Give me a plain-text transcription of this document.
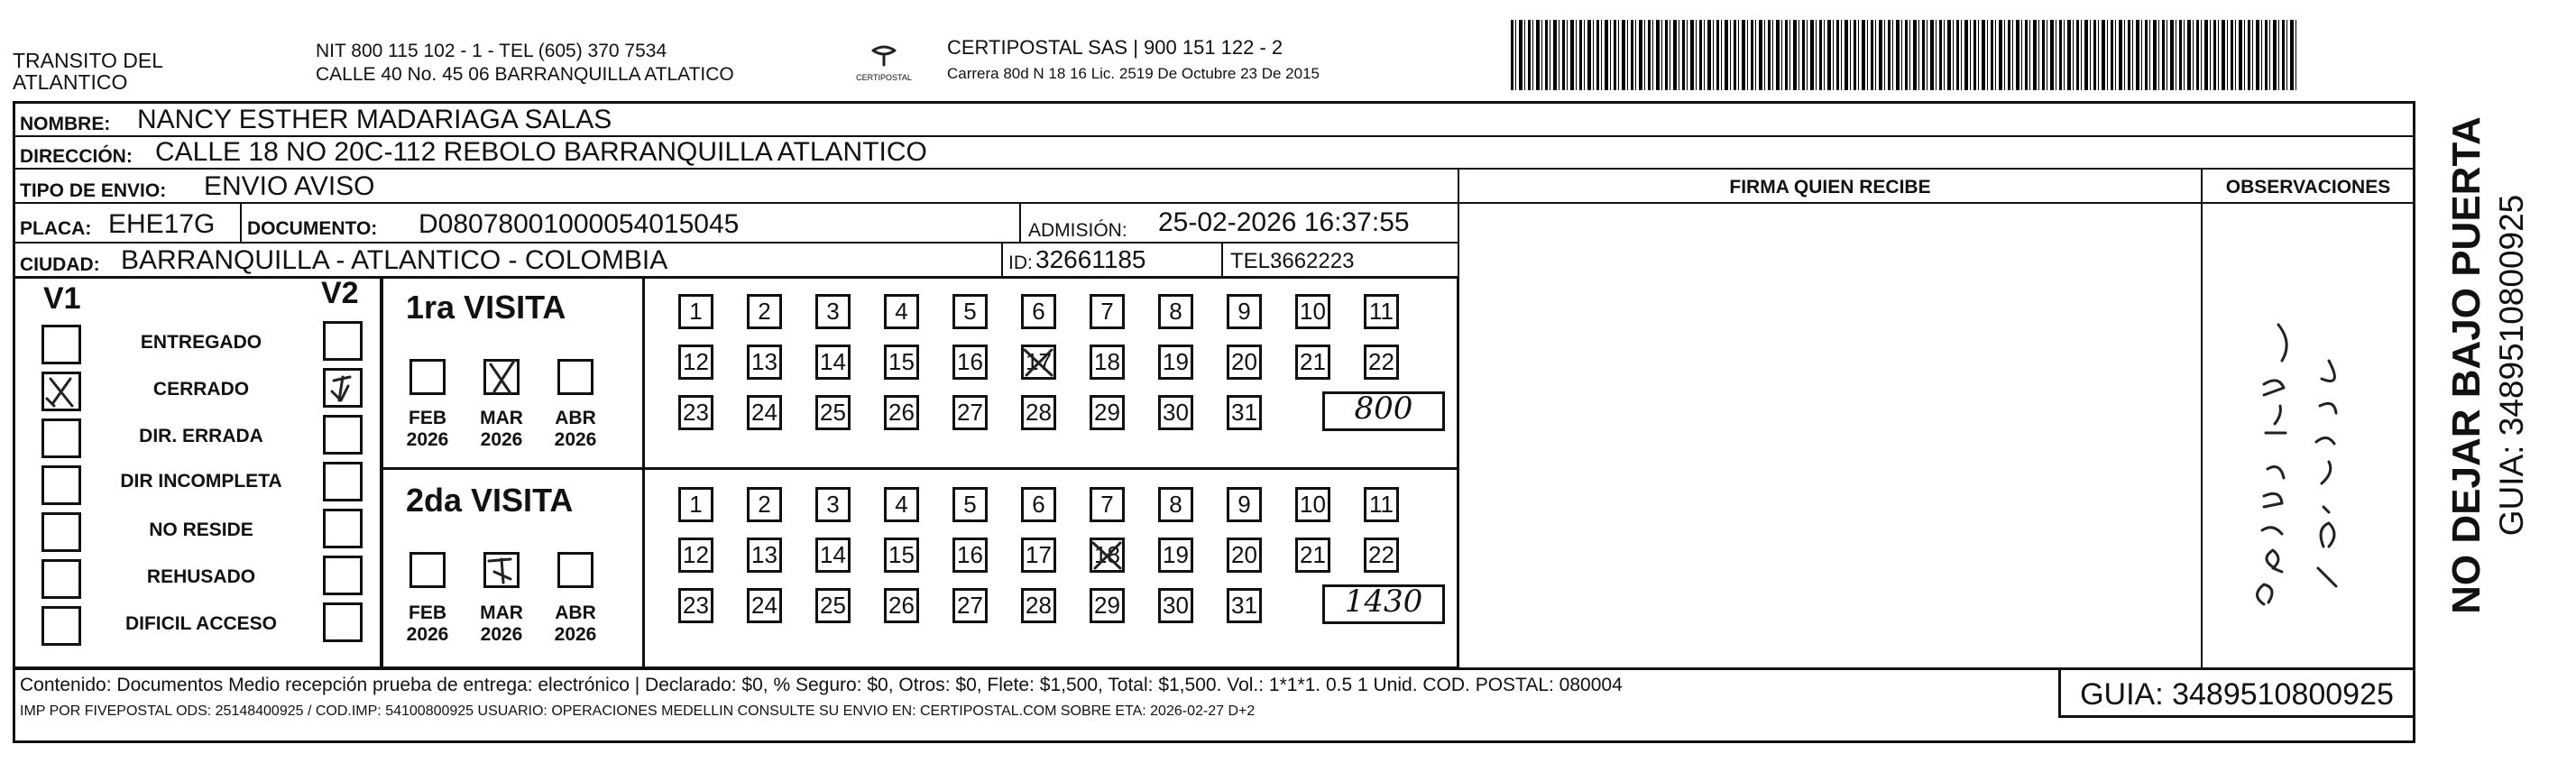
TRANSITO DEL
ATLANTICO
NIT 800 115 102 - 1 - TEL (605) 370 7534
CALLE 40 No. 45 06 BARRANQUILLA ATLATICO	CERTIPOSTAL
CERTIPOSTAL SAS | 900 151 122 - 2
Carrera 80d N 18 16 Lic. 2519 De Octubre 23 De 2015
NOMBRE: NANCY ESTHER MADARIAGA SALAS
DIRECCIÓN: CALLE 18 NO 20C-112 REBOLO BARRANQUILLA ATLANTICO
TIPO DE ENVIO: ENVIO AVISO	FIRMA QUIEN RECIBE	OBSERVACIONES
PLACA: EHE17G DOCUMENTO: D08078001000054015045	ADMISIÓN: 25-02-2026 16:37:55
CIUDAD: BARRANQUILLA - ATLANTICO - COLOMBIA	ID: 32661185	TEL:
3662223
V1	V2
ENTREGADO
CERRADO
DIR. ERRADA
DIR INCOMPLETA
NO RESIDE
REHUSADO
DIFICIL ACCESO
1ra VISITA
FEB
2026
MAR
2026
ABR
2026
1	2	3	4	5	6	7	8	9	10 11
12 13 14 15 16 17 18 19 20 21 22
23 24 25 26 27 28 29 30 31	800
2da VISITA
FEB
2026
MAR
2026
ABR
2026
1	2	3	4	5	6	7	8	9	10 11
12 13 14 15 16 17 18 19 20 21 22
23 24 25 26 27 28 29 30 31	1430
Contenido: Documentos Medio recepción prueba de entrega: electrónico | Declarado: $0, % Seguro: $0, Otros: $0, Flete: $1,500, Total: $1,500. Vol.: 1*1*1. 0.5 1 Unid. COD. POSTAL: 080004
IMP POR FIVEPOSTAL ODS: 25148400925 / COD.IMP: 54100800925 USUARIO: OPERACIONES MEDELLIN CONSULTE SU ENVIO EN: CERTIPOSTAL.COM SOBRE ETA: 2026-02-27 D+2	GUIA: 3489510800925
NO DEJAR BAJO PUERTA GUIA: 3489510800925
